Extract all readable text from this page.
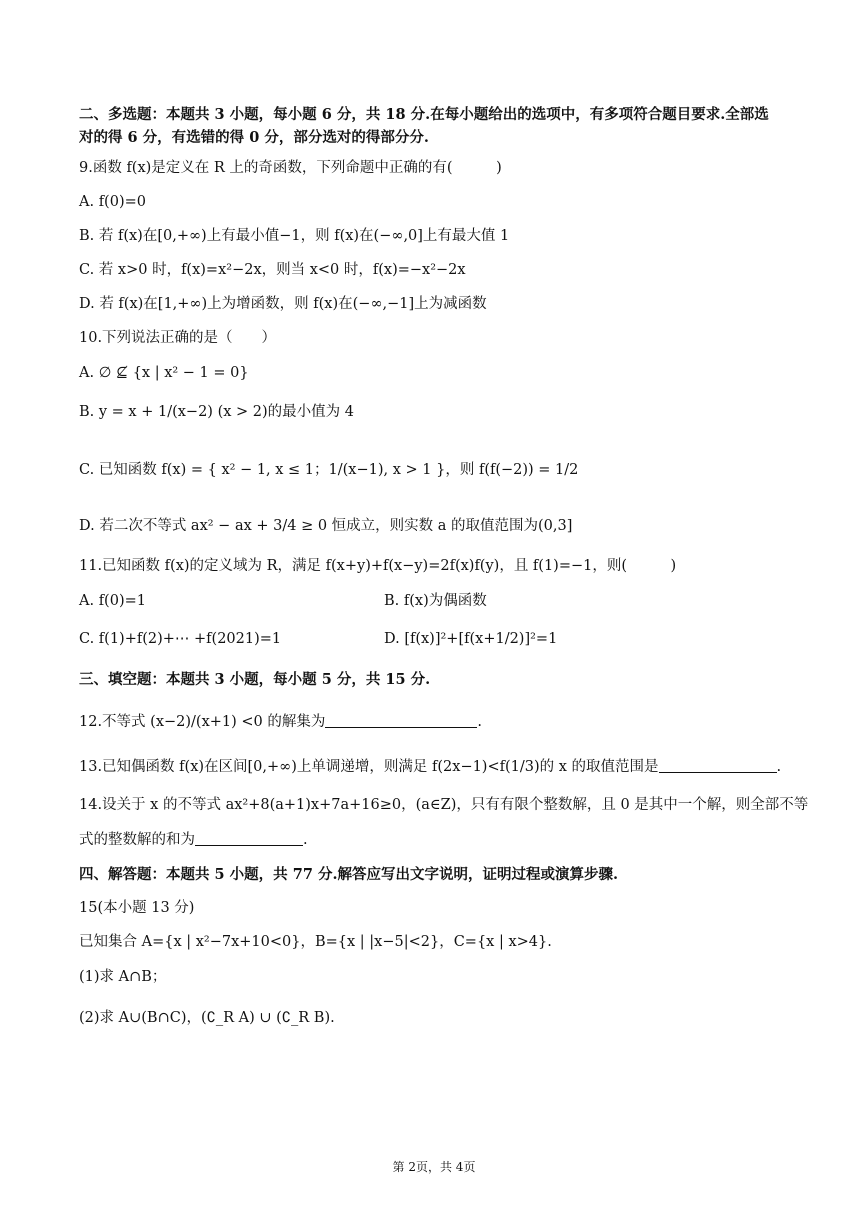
二、多选题：本题共 3 小题，每小题 6 分，共 18 分.在每小题给出的选项中，有多项符合题目要求.全部选
对的得 6 分，有选错的得 0 分，部分选对的得部分分.
9.函数 f(x)是定义在 R 上的奇函数，下列命题中正确的有(　　　)
A. f(0)=0
B. 若 f(x)在[0,+∞)上有最小值−1，则 f(x)在(−∞,0]上有最大值 1
C. 若 x>0 时，f(x)=x²−2x，则当 x<0 时，f(x)=−x²−2x
D. 若 f(x)在[1,+∞)上为增函数，则 f(x)在(−∞,−1]上为减函数
10.下列说法正确的是（　　）
A. ∅ ⊈ {x | x² − 1 = 0}
B. y = x + 1/(x−2) (x > 2)的最小值为 4
C. 已知函数 f(x) = { x² − 1, x ≤ 1；1/(x−1), x > 1 }，则 f(f(−2)) = 1/2
D. 若二次不等式 ax² − ax + 3/4 ≥ 0 恒成立，则实数 a 的取值范围为(0,3]
11.已知函数 f(x)的定义域为 R，满足 f(x+y)+f(x−y)=2f(x)f(y)，且 f(1)=−1，则(　　　)
A. f(0)=1	B. f(x)为偶函数
C. f(1)+f(2)+⋯ +f(2021)=1	D. [f(x)]²+[f(x+1/2)]²=1
三、填空题：本题共 3 小题，每小题 5 分，共 15 分.
12.不等式 (x−2)/(x+1) <0 的解集为	.
13.已知偶函数 f(x)在区间[0,+∞)上单调递增，则满足 f(2x−1)<f(1/3)的 x 的取值范围是	.
14.设关于 x 的不等式 ax²+8(a+1)x+7a+16≥0，(a∈Z)，只有有限个整数解，且 0 是其中一个解，则全部不等
式的整数解的和为	.
四、解答题：本题共 5 小题，共 77 分.解答应写出文字说明，证明过程或演算步骤.
15(本小题 13 分)
已知集合 A={x | x²−7x+10<0}，B={x | |x−5|<2}，C={x | x>4}.
(1)求 A∩B；
(2)求 A∪(B∩C)，(∁_R A) ∪ (∁_R B).
第 2页，共 4页
